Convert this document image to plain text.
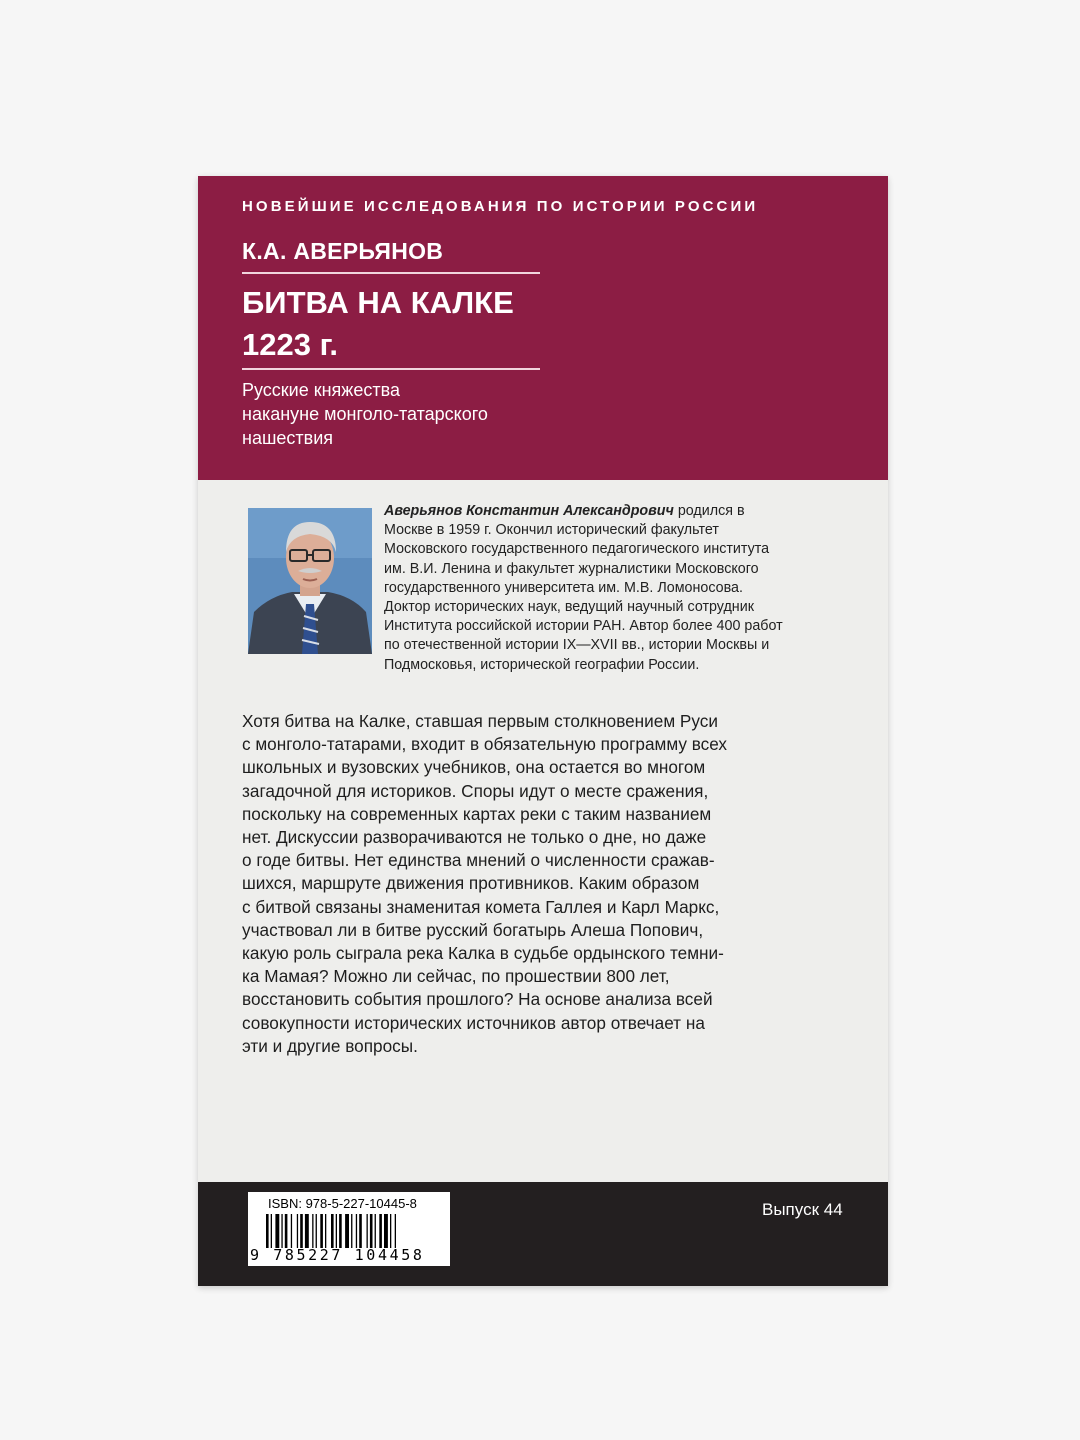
НОВЕЙШИЕ ИССЛЕДОВАНИЯ ПО ИСТОРИИ РОССИИ
К.А. АВЕРЬЯНОВ
БИТВА НА КАЛКЕ
1223 г.
Русские княжества
накануне монголо-татарского
нашествия
Аверьянов Константин Александрович родился в Москве в 1959 г. Окончил исторический факультет Московского государственного педагогического института им. В.И. Ленина и факультет журналистики Московского государственного университета им. М.В. Ломоносова. Доктор исторических наук, ведущий научный сотрудник Института российской истории РАН. Автор более 400 работ по отечественной истории IX—XVII вв., истории Москвы и Подмосковья, исторической географии России.

Хотя битва на Калке, ставшая первым столкновением Руси

с монголо-татарами, входит в обязательную программу всех

школьных и вузовских учебников, она остается во многом

загадочной для историков. Споры идут о месте сражения,

поскольку на современных картах реки с таким названием

нет. Дискуссии разворачиваются не только о дне, но даже

о годе битвы. Нет единства мнений о численности сражав-

шихся, маршруте движения противников. Каким образом

с битвой связаны знаменитая комета Галлея и Карл Маркс,

участвовал ли в битве русский богатырь Алеша Попович,

какую роль сыграла река Калка в судьбе ордынского темни-

ка Мамая? Можно ли сейчас, по прошествии 800 лет,

восстановить события прошлого? На основе анализа всей

совокупности исторических источников автор отвечает на

эти и другие вопросы.

ISBN: 978-5-227-10445-8
9 785227 104458
Выпуск 44
